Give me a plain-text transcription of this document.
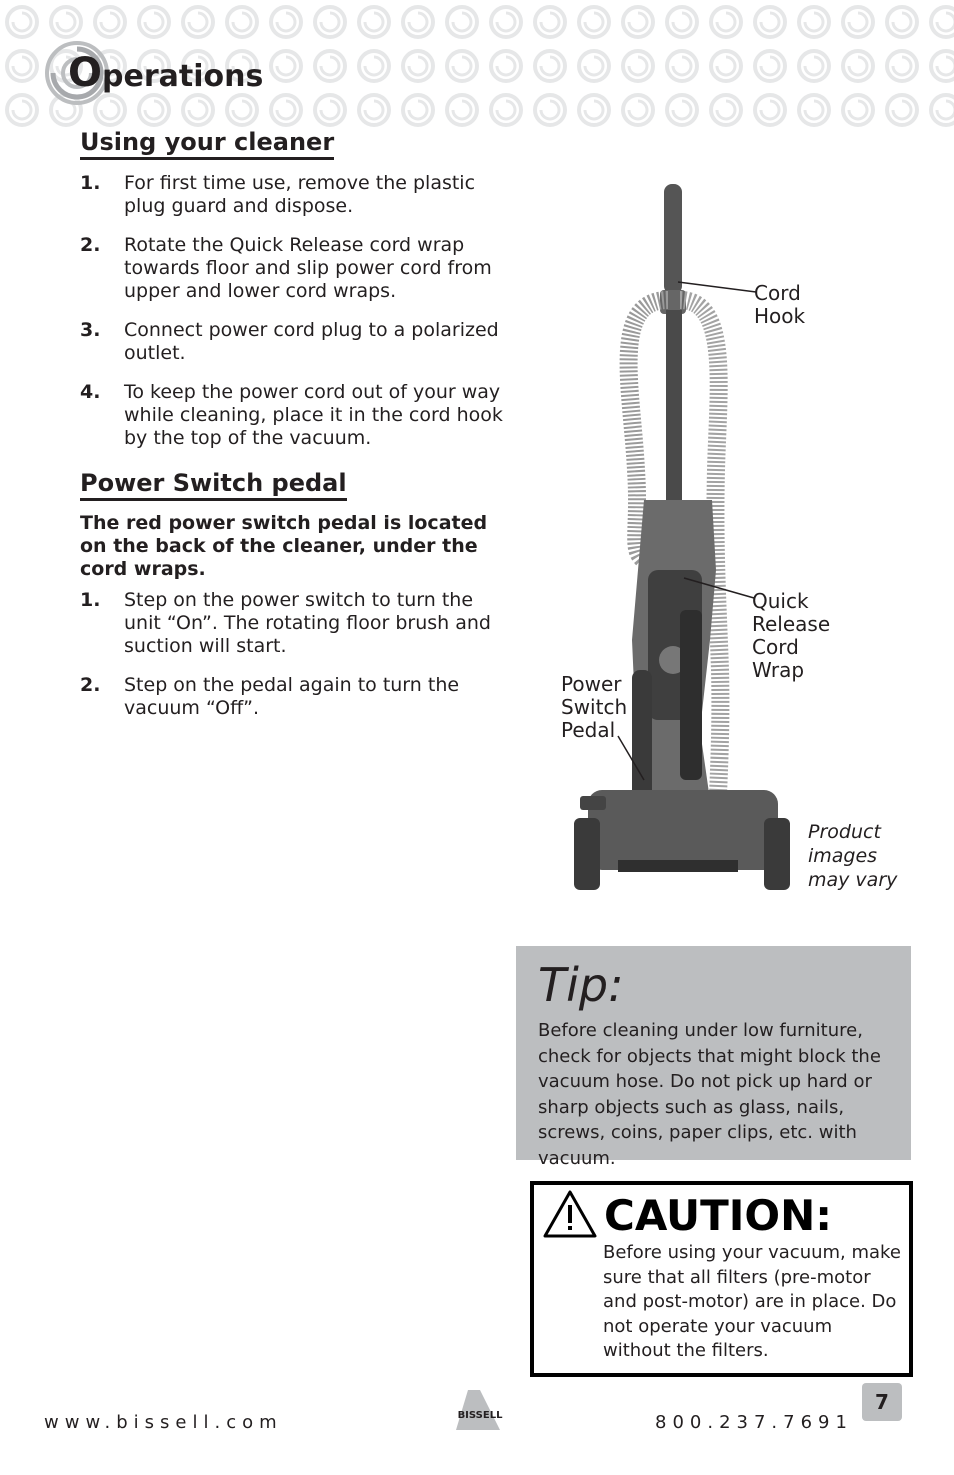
Operations
Using your cleaner
1. For first time use, remove the plastic plug guard and dispose.
2. Rotate the Quick Release cord wrap towards floor and slip power cord from upper and lower cord wraps.
3. Connect power cord plug to a polarized outlet.
4. To keep the power cord out of your way while cleaning, place it in the cord hook by the top of the vacuum.
Power Switch pedal
The red power switch pedal is located on the back of the cleaner, under the cord wraps.
1. Step on the power switch to turn the unit “On”. The rotating floor brush and suction will start.
2. Step on the pedal again to turn the vacuum “Off”.
Cord
Hook
Quick
Release
Cord
Wrap
Power
Switch
Pedal
Product
images
may vary
Tip:
Before cleaning under low furniture, check for objects that might block the vacuum hose. Do not pick up hard or sharp objects such as glass, nails, screws, coins, paper clips, etc. with vacuum.
CAUTION:
Before using your vacuum, make sure that all filters (pre-motor and post-motor) are in place. Do not operate your vacuum without the filters.
www.bissell.com	BISSELL	800.237.7691
7
